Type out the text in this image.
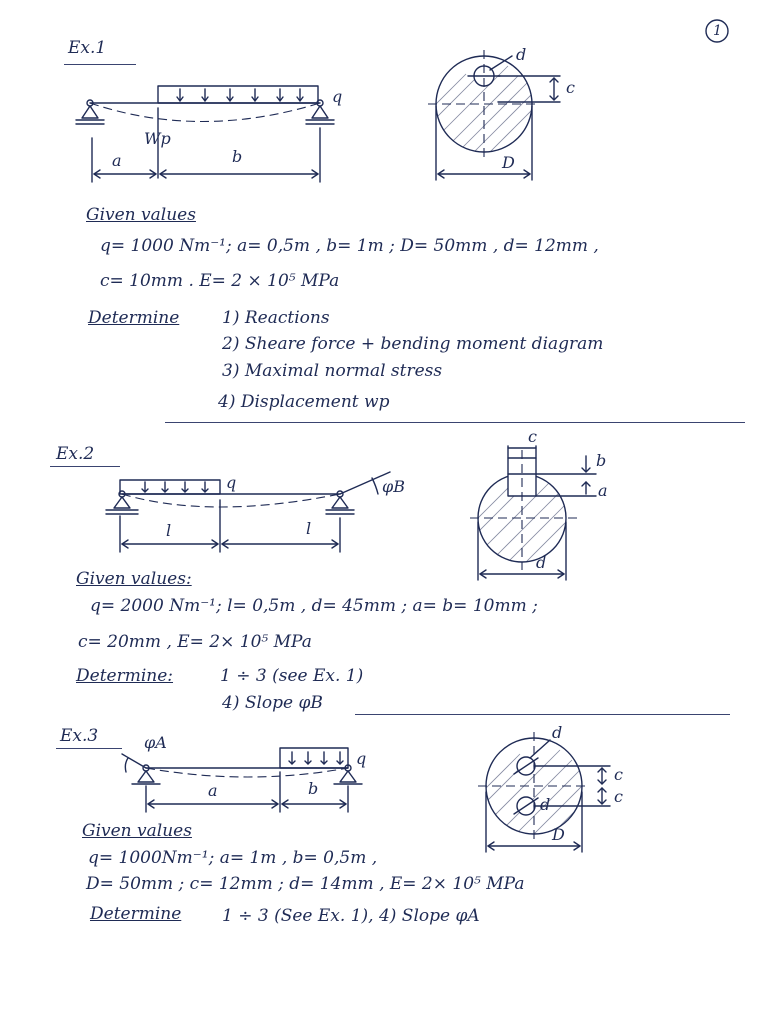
1
Ex.1
a	b
Wp
q	c
d
D
Given values
q= 1000 Nm⁻¹; a= 0,5m , b= 1m ; D= 50mm , d= 12mm ,
c= 10mm . E= 2 × 10⁵ MPa
Determine	1) Reactions
2) Sheare force + bending moment diagram
3) Maximal normal stress
4) Displacement wp
Ex.2
φB
q
l	l
c
b
a
d
Given values:
q= 2000 Nm⁻¹; l= 0,5m , d= 45mm ; a= b= 10mm ;
c= 20mm , E= 2× 10⁵ MPa
Determine:	1 ÷ 3 (see Ex. 1)
4) Slope φB
Ex.3	φA
q
a	b
d
d
c
c
D
Given values
q= 1000Nm⁻¹; a= 1m , b= 0,5m ,
D= 50mm ; c= 12mm ; d= 14mm , E= 2× 10⁵ MPa
Determine 1 ÷ 3 (See Ex. 1), 4) Slope φA
